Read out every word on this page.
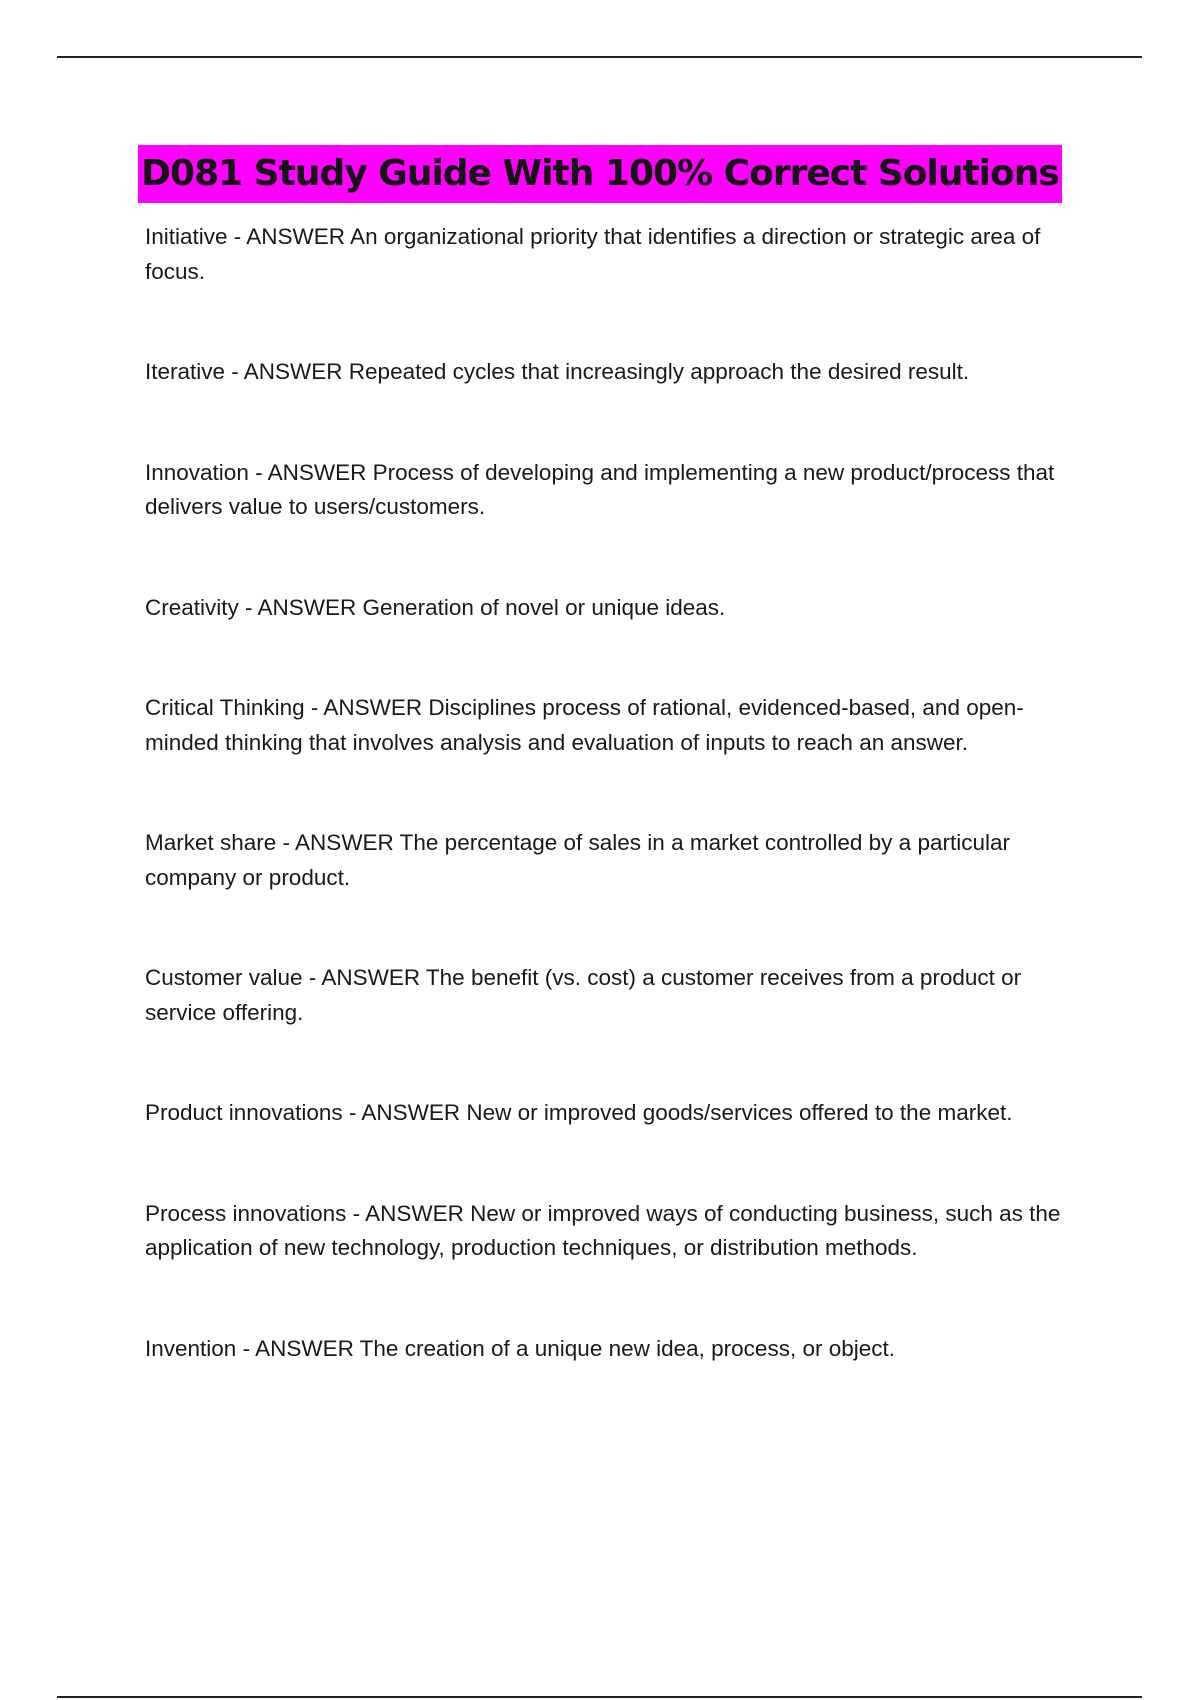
D081 Study Guide With 100% Correct Solutions
Initiative - ANSWER An organizational priority that identifies a direction or strategic area of focus.
Iterative - ANSWER Repeated cycles that increasingly approach the desired result.
Innovation - ANSWER Process of developing and implementing a new product/process that delivers value to users/customers.
Creativity - ANSWER Generation of novel or unique ideas.
Critical Thinking - ANSWER Disciplines process of rational, evidenced-based, and open-minded thinking that involves analysis and evaluation of inputs to reach an answer.
Market share - ANSWER The percentage of sales in a market controlled by a particular company or product.
Customer value - ANSWER The benefit (vs. cost) a customer receives from a product or service offering.
Product innovations - ANSWER New or improved goods/services offered to the market.
Process innovations - ANSWER New or improved ways of conducting business, such as the application of new technology, production techniques, or distribution methods.
Invention - ANSWER The creation of a unique new idea, process, or object.
